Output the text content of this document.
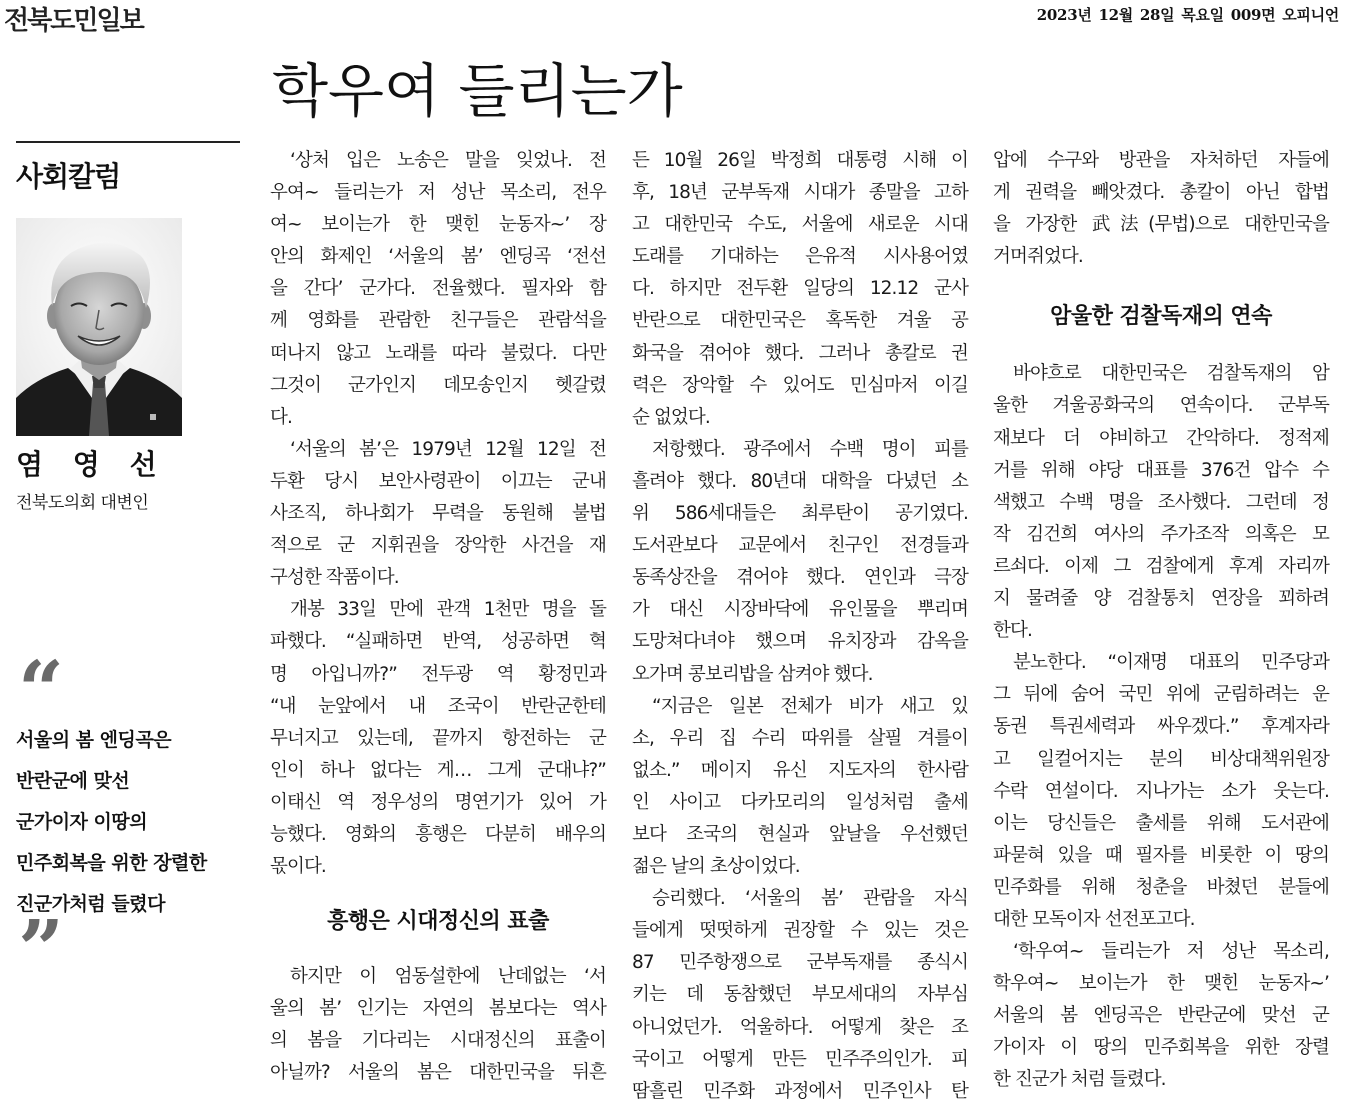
전북도민일보	2023년 12월 28일 목요일 009면 오피니언
학우여 들리는가
사회칼럼
염 영 선
전북도의회 대변인
“
서울의 봄 엔딩곡은
반란군에 맞선
군가이자 이땅의
민주회복을 위한 장렬한
진군가처럼 들렸다
”
‘상처 입은 노송은 말을 잊었나. 전
우여~ 들리는가 저 성난 목소리, 전우
여~ 보이는가 한 맺힌 눈동자~’ 장
안의 화제인 ‘서울의 봄’ 엔딩곡 ‘전선
을 간다’ 군가다. 전율했다. 필자와 함
께 영화를 관람한 친구들은 관람석을
떠나지 않고 노래를 따라 불렀다. 다만
그것이 군가인지 데모송인지 헷갈렸
다.
‘서울의 봄’은 1979년 12월 12일 전
두환 당시 보안사령관이 이끄는 군내
사조직, 하나회가 무력을 동원해 불법
적으로 군 지휘권을 장악한 사건을 재
구성한 작품이다.
개봉 33일 만에 관객 1천만 명을 돌
파했다. “실패하면 반역, 성공하면 혁
명 아입니까?” 전두광 역 황정민과
“내 눈앞에서 내 조국이 반란군한테
무너지고 있는데, 끝까지 항전하는 군
인이 하나 없다는 게… 그게 군대냐?”
이태신 역 정우성의 명연기가 있어 가
능했다. 영화의 흥행은 다분히 배우의
몫이다.
흥행은 시대정신의 표출
하지만 이 엄동설한에 난데없는 ‘서
울의 봄’ 인기는 자연의 봄보다는 역사
의 봄을 기다리는 시대정신의 표출이
아닐까? 서울의 봄은 대한민국을 뒤흔
든 10월 26일 박정희 대통령 시해 이
후, 18년 군부독재 시대가 종말을 고하
고 대한민국 수도, 서울에 새로운 시대
도래를 기대하는 은유적 시사용어였
다. 하지만 전두환 일당의 12.12 군사
반란으로 대한민국은 혹독한 겨울 공
화국을 겪어야 했다. 그러나 총칼로 권
력은 장악할 수 있어도 민심마저 이길
순 없었다.
저항했다. 광주에서 수백 명이 피를
흘려야 했다. 80년대 대학을 다녔던 소
위 586세대들은 최루탄이 공기였다.
도서관보다 교문에서 친구인 전경들과
동족상잔을 겪어야 했다. 연인과 극장
가 대신 시장바닥에 유인물을 뿌리며
도망쳐다녀야 했으며 유치장과 감옥을
오가며 콩보리밥을 삼켜야 했다.
“지금은 일본 전체가 비가 새고 있
소, 우리 집 수리 따위를 살필 겨를이
없소.” 메이지 유신 지도자의 한사람
인 사이고 다카모리의 일성처럼 출세
보다 조국의 현실과 앞날을 우선했던
젊은 날의 초상이었다.
승리했다. ‘서울의 봄’ 관람을 자식
들에게 떳떳하게 권장할 수 있는 것은
87 민주항쟁으로 군부독재를 종식시
키는 데 동참했던 부모세대의 자부심
아니었던가. 억울하다. 어떻게 찾은 조
국이고 어떻게 만든 민주주의인가. 피
땀흘린 민주화 과정에서 민주인사 탄
압에 수구와 방관을 자처하던 자들에
게 권력을 빼앗겼다. 총칼이 아닌 합법
을 가장한 武法(무법)으로 대한민국을
거머쥐었다.
암울한 검찰독재의 연속
바야흐로 대한민국은 검찰독재의 암
울한 겨울공화국의 연속이다. 군부독
재보다 더 야비하고 간악하다. 정적제
거를 위해 야당 대표를 376건 압수 수
색했고 수백 명을 조사했다. 그런데 정
작 김건희 여사의 주가조작 의혹은 모
르쇠다. 이제 그 검찰에게 후계 자리까
지 물려줄 양 검찰통치 연장을 꾀하려
한다.
분노한다. “이재명 대표의 민주당과
그 뒤에 숨어 국민 위에 군림하려는 운
동권 특권세력과 싸우겠다.” 후계자라
고 일컬어지는 분의 비상대책위원장
수락 연설이다. 지나가는 소가 웃는다.
이는 당신들은 출세를 위해 도서관에
파묻혀 있을 때 필자를 비롯한 이 땅의
민주화를 위해 청춘을 바쳤던 분들에
대한 모독이자 선전포고다.
‘학우여~ 들리는가 저 성난 목소리,
학우여~ 보이는가 한 맺힌 눈동자~’
서울의 봄 엔딩곡은 반란군에 맞선 군
가이자 이 땅의 민주회복을 위한 장렬
한 진군가 처럼 들렸다.
